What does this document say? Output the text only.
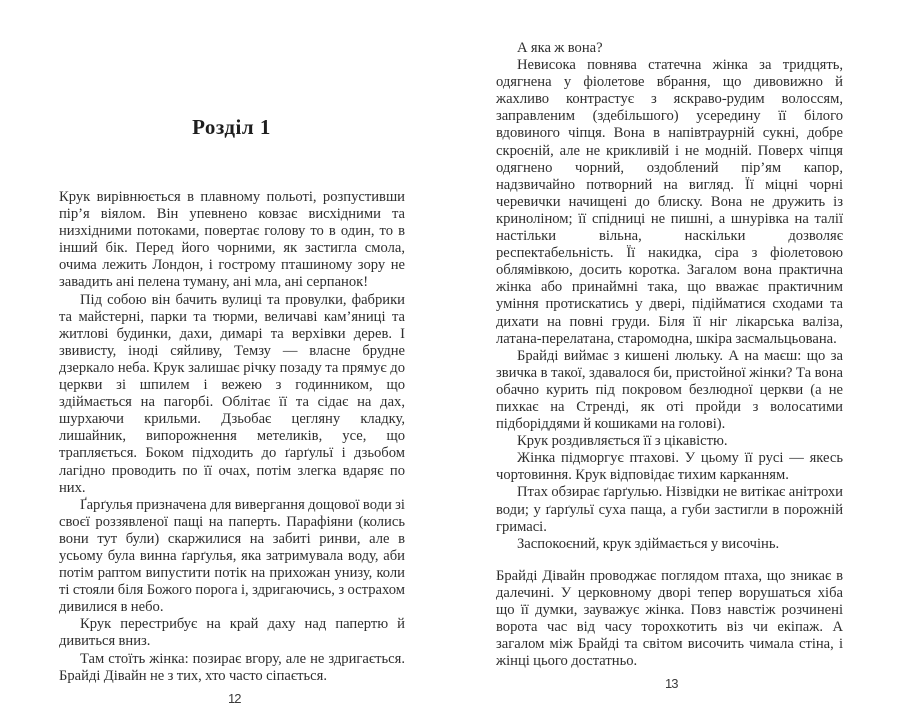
Розділ 1

Крук вирівнюється в плавному польоті, розпустивши пір’я віялом. Він упевнено ковзає висхідними та низхідними потоками, повертає голову то в один, то в інший бік. Перед його чорними, як застигла смола, очима лежить Лондон, і гострому пташиному зору не завадить ані пелена туману, ані мла, ані серпанок!

Під собою він бачить вулиці та провулки, фабрики та майстерні, парки та тюрми, величаві кам’яниці та житлові будинки, дахи, димарі та верхівки дерев. І звивисту, іноді сяйливу, Темзу — власне брудне дзеркало неба. Крук залишає річку позаду та прямує до церкви зі шпилем і вежею з годинником, що здіймається на пагорбі. Облітає її та сідає на дах, шурхаючи крильми. Дзьобає цегляну кладку, лишайник, випорожнення метеликів, усе, що трапляється. Боком підходить до ґарґульї і дзьобом лагідно проводить по її очах, потім злегка вдаряє по них.

Ґарґулья призначена для вивергання дощової води зі своєї роззявленої пащі на паперть. Парафіяни (колись вони тут були) скаржилися на забиті ринви, але в усьому була винна ґарґулья, яка затримувала воду, аби потім раптом випустити потік на прихожан унизу, коли ті стояли біля Божого порога і, здригаючись, з острахом дивилися в небо.

Крук перестрибує на край даху над папертю й дивиться вниз.

Там стоїть жінка: позирає вгору, але не здригається. Брайді Дівайн не з тих, хто часто сіпається.

12

А яка ж вона?

Невисока повнява статечна жінка за тридцять, одягнена у фіолетове вбрання, що дивовижно й жахливо контрастує з яскраво-рудим волоссям, заправленим (здебільшого) усередину її білого вдовиного чіпця. Вона в напівтраурній сукні, добре скроєній, але не крикливій і не модній. Поверх чіпця одягнено чорний, оздоблений пір’ям капор, надзвичайно потворний на вигляд. Її міцні чорні черевички начищені до блиску. Вона не дружить із криноліном; її спідниці не пишні, а шнурівка на талії настільки вільна, наскільки дозволяє респектабельність. Її накидка, сіра з фіолетовою облямівкою, досить коротка. Загалом вона практична жінка або принаймні така, що вважає практичним уміння протискатись у двері, підійматися сходами та дихати на повні груди. Біля її ніг лікарська валіза, латана-перелатана, старомодна, шкіра засмальцьована.

Брайді виймає з кишені люльку. А на маєш: що за звичка в такої, здавалося би, пристойної жінки? Та вона обачно курить під покровом безлюдної церкви (а не пихкає на Стренді, як оті пройди з волосатими підборіддями й кошиками на голові).

Крук роздивляється її з цікавістю.

Жінка підморгує птахові. У цьому її русі — якесь чортовиння. Крук відповідає тихим карканням.

Птах обзирає ґарґулью. Нізвідки не витікає анітрохи води; у ґарґульї суха паща, а губи застигли в порожній гримасі.

Заспокоєний, крук здіймається у височінь.

Брайді Дівайн проводжає поглядом птаха, що зникає в далечині. У церковному дворі тепер ворушаться хіба що її думки, зауважує жінка. Повз навстіж розчинені ворота час від часу торохкотить віз чи екіпаж. А загалом між Брайді та світом височить чимала стіна, і жінці цього достатньо.

13
